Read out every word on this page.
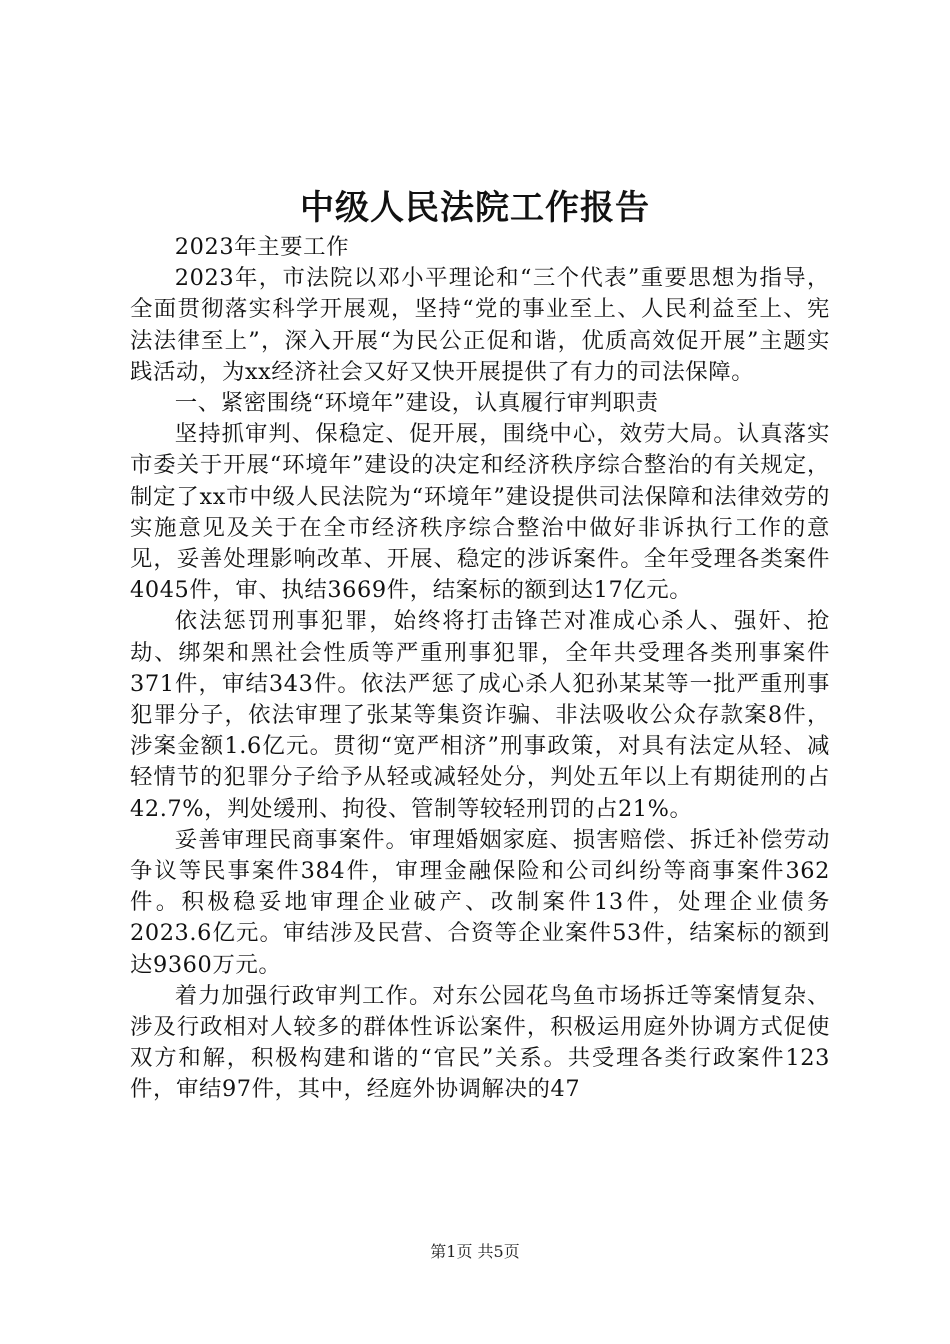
中级人民法院工作报告

2023年主要工作

2023年，市法院以邓小平理论和“三个代表”重要思想为指导，全面贯彻落实科学开展观，坚持“党的事业至上、人民利益至上、宪法法律至上”，深入开展“为民公正促和谐，优质高效促开展”主题实践活动，为xx经济社会又好又快开展提供了有力的司法保障。

一、紧密围绕“环境年”建设，认真履行审判职责

坚持抓审判、保稳定、促开展，围绕中心，效劳大局。认真落实市委关于开展“环境年”建设的决定和经济秩序综合整治的有关规定，制定了xx市中级人民法院为“环境年”建设提供司法保障和法律效劳的实施意见及关于在全市经济秩序综合整治中做好非诉执行工作的意见，妥善处理影响改革、开展、稳定的涉诉案件。全年受理各类案件4045件，审、执结3669件，结案标的额到达17亿元。

依法惩罚刑事犯罪，始终将打击锋芒对准成心杀人、强奸、抢劫、绑架和黑社会性质等严重刑事犯罪，全年共受理各类刑事案件371件，审结343件。依法严惩了成心杀人犯孙某某等一批严重刑事犯罪分子，依法审理了张某等集资诈骗、非法吸收公众存款案8件，涉案金额1.6亿元。贯彻“宽严相济”刑事政策，对具有法定从轻、减轻情节的犯罪分子给予从轻或减轻处分，判处五年以上有期徒刑的占42.7%，判处缓刑、拘役、管制等较轻刑罚的占21%。

妥善审理民商事案件。审理婚姻家庭、损害赔偿、拆迁补偿劳动争议等民事案件384件，审理金融保险和公司纠纷等商事案件362件。积极稳妥地审理企业破产、改制案件13件，处理企业债务2023.6亿元。审结涉及民营、合资等企业案件53件，结案标的额到达9360万元。

着力加强行政审判工作。对东公园花鸟鱼市场拆迁等案情复杂、涉及行政相对人较多的群体性诉讼案件，积极运用庭外协调方式促使双方和解，积极构建和谐的“官民”关系。共受理各类行政案件123件，审结97件，其中，经庭外协调解决的47

第1页 共5页
